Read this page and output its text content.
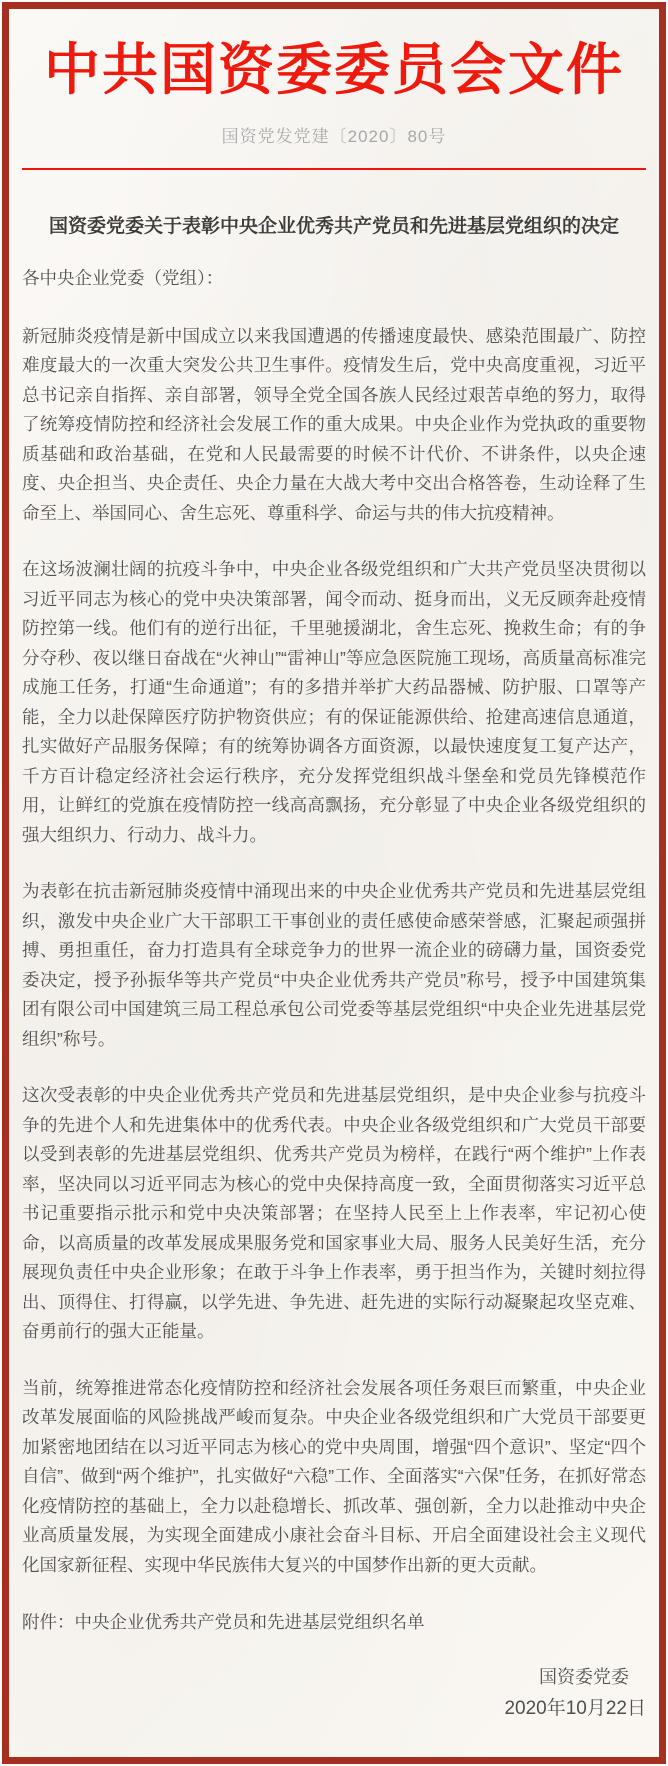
中共国资委委员会文件
国资党发党建〔2020〕80号
国资委党委关于表彰中央企业优秀共产党员和先进基层党组织的决定
各中央企业党委（党组）：

新冠肺炎疫情是新中国成立以来我国遭遇的传播速度最快、感染范围最广、防控难度最大的一次重大突发公共卫生事件。疫情发生后，党中央高度重视，习近平总书记亲自指挥、亲自部署，领导全党全国各族人民经过艰苦卓绝的努力，取得了统筹疫情防控和经济社会发展工作的重大成果。中央企业作为党执政的重要物质基础和政治基础，在党和人民最需要的时候不计代价、不讲条件，以央企速度、央企担当、央企责任、央企力量在大战大考中交出合格答卷，生动诠释了生命至上、举国同心、舍生忘死、尊重科学、命运与共的伟大抗疫精神。

在这场波澜壮阔的抗疫斗争中，中央企业各级党组织和广大共产党员坚决贯彻以习近平同志为核心的党中央决策部署，闻令而动、挺身而出，义无反顾奔赴疫情防控第一线。他们有的逆行出征，千里驰援湖北，舍生忘死、挽救生命；有的争分夺秒、夜以继日奋战在“火神山”“雷神山”等应急医院施工现场，高质量高标准完成施工任务，打通“生命通道”；有的多措并举扩大药品器械、防护服、口罩等产能，全力以赴保障医疗防护物资供应；有的保证能源供给、抢建高速信息通道，扎实做好产品服务保障；有的统筹协调各方面资源，以最快速度复工复产达产，千方百计稳定经济社会运行秩序，充分发挥党组织战斗堡垒和党员先锋模范作用，让鲜红的党旗在疫情防控一线高高飘扬，充分彰显了中央企业各级党组织的强大组织力、行动力、战斗力。

为表彰在抗击新冠肺炎疫情中涌现出来的中央企业优秀共产党员和先进基层党组织，激发中央企业广大干部职工干事创业的责任感使命感荣誉感，汇聚起顽强拼搏、勇担重任，奋力打造具有全球竞争力的世界一流企业的磅礴力量，国资委党委决定，授予孙振华等共产党员“中央企业优秀共产党员”称号，授予中国建筑集团有限公司中国建筑三局工程总承包公司党委等基层党组织“中央企业先进基层党组织”称号。

这次受表彰的中央企业优秀共产党员和先进基层党组织，是中央企业参与抗疫斗争的先进个人和先进集体中的优秀代表。中央企业各级党组织和广大党员干部要以受到表彰的先进基层党组织、优秀共产党员为榜样，在践行“两个维护”上作表率，坚决同以习近平同志为核心的党中央保持高度一致，全面贯彻落实习近平总书记重要指示批示和党中央决策部署；在坚持人民至上上作表率，牢记初心使命，以高质量的改革发展成果服务党和国家事业大局、服务人民美好生活，充分展现负责任中央企业形象；在敢于斗争上作表率，勇于担当作为，关键时刻拉得出、顶得住、打得赢，以学先进、争先进、赶先进的实际行动凝聚起攻坚克难、奋勇前行的强大正能量。

当前，统筹推进常态化疫情防控和经济社会发展各项任务艰巨而繁重，中央企业改革发展面临的风险挑战严峻而复杂。中央企业各级党组织和广大党员干部要更加紧密地团结在以习近平同志为核心的党中央周围，增强“四个意识”、坚定“四个自信”、做到“两个维护”，扎实做好“六稳”工作、全面落实“六保”任务，在抓好常态化疫情防控的基础上，全力以赴稳增长、抓改革、强创新，全力以赴推动中央企业高质量发展，为实现全面建成小康社会奋斗目标、开启全面建设社会主义现代化国家新征程、实现中华民族伟大复兴的中国梦作出新的更大贡献。

附件：中央企业优秀共产党员和先进基层党组织名单
国资委党委
2020年10月22日
